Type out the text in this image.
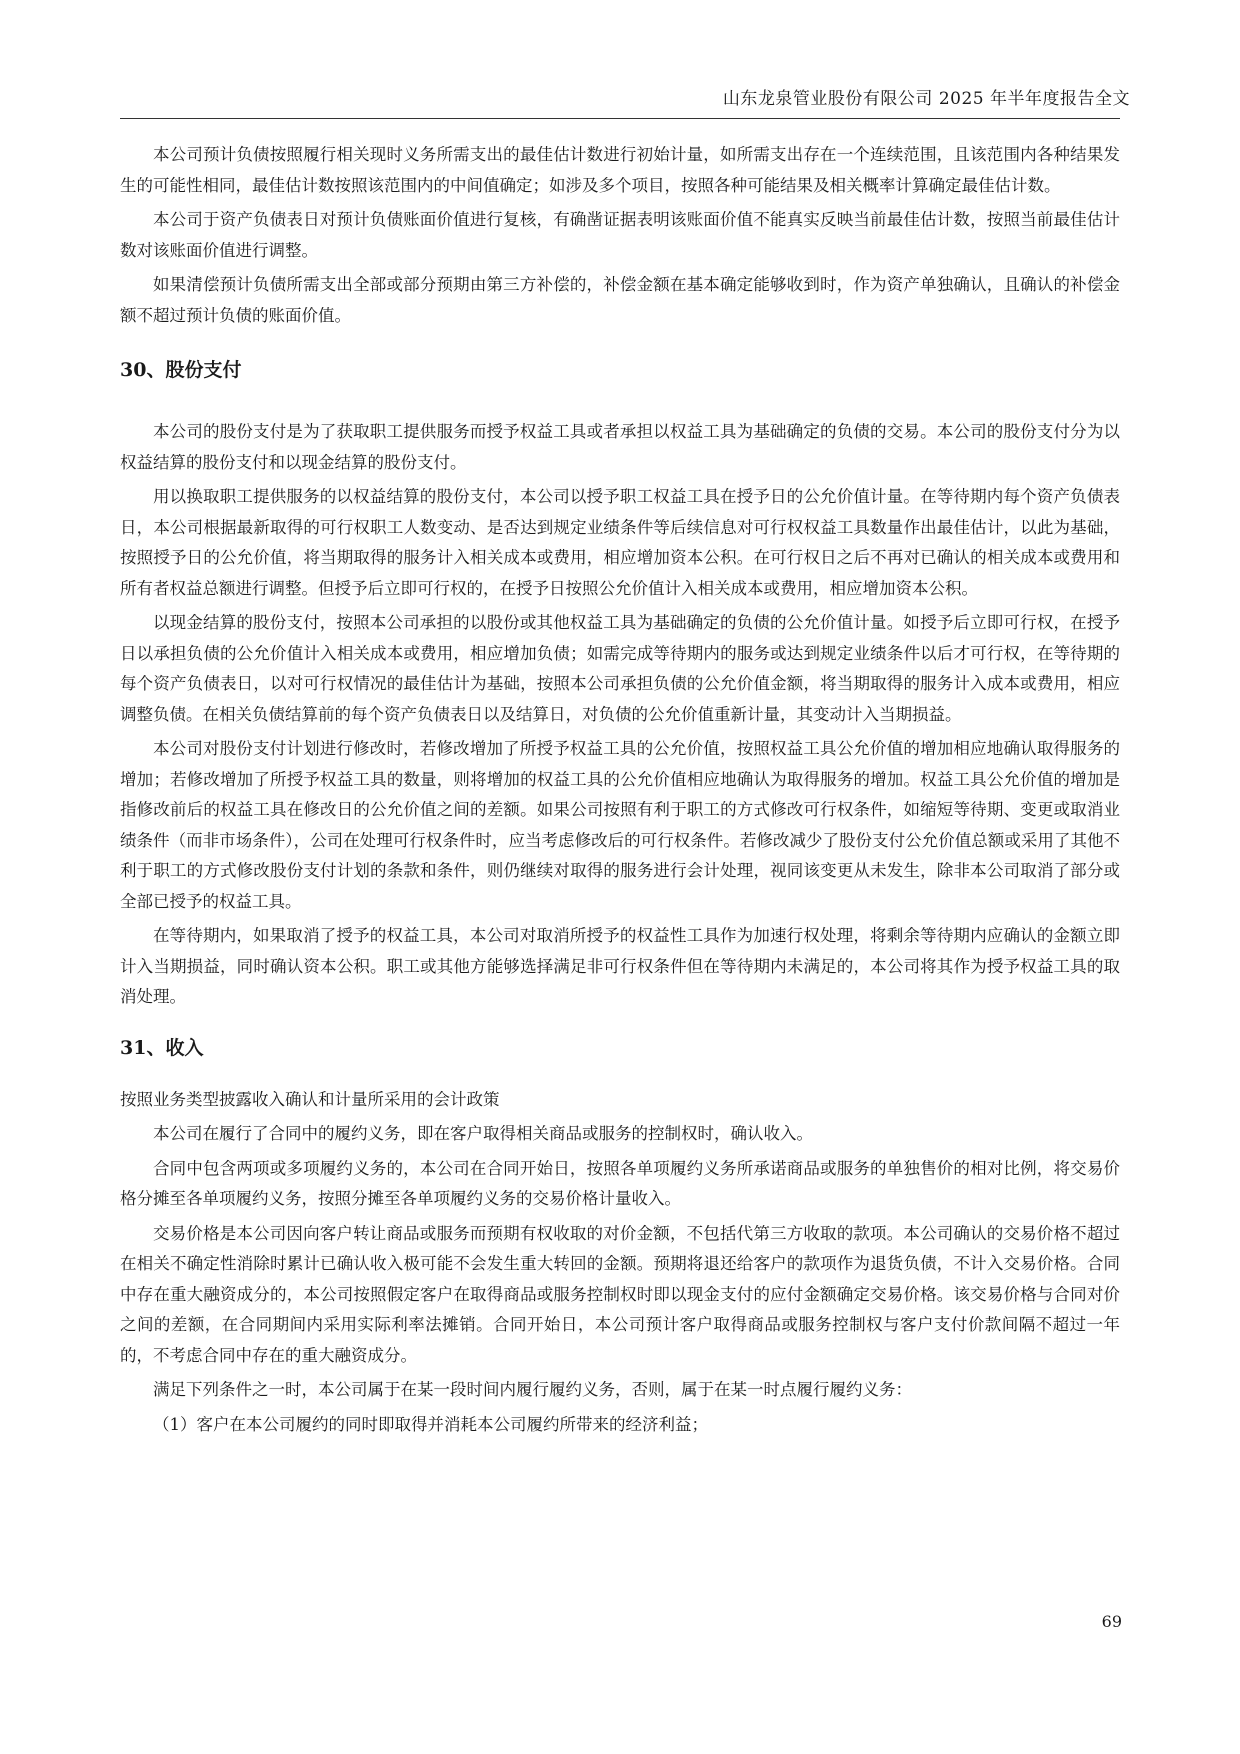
山东龙泉管业股份有限公司 2025 年半年度报告全文

本公司预计负债按照履行相关现时义务所需支出的最佳估计数进行初始计量，如所需支出存在一个连续范围，且该范围内各种结果发生的可能性相同，最佳估计数按照该范围内的中间值确定；如涉及多个项目，按照各种可能结果及相关概率计算确定最佳估计数。

本公司于资产负债表日对预计负债账面价值进行复核，有确凿证据表明该账面价值不能真实反映当前最佳估计数，按照当前最佳估计数对该账面价值进行调整。

如果清偿预计负债所需支出全部或部分预期由第三方补偿的，补偿金额在基本确定能够收到时，作为资产单独确认，且确认的补偿金额不超过预计负债的账面价值。

30、股份支付

本公司的股份支付是为了获取职工提供服务而授予权益工具或者承担以权益工具为基础确定的负债的交易。本公司的股份支付分为以权益结算的股份支付和以现金结算的股份支付。

用以换取职工提供服务的以权益结算的股份支付，本公司以授予职工权益工具在授予日的公允价值计量。在等待期内每个资产负债表日，本公司根据最新取得的可行权职工人数变动、是否达到规定业绩条件等后续信息对可行权权益工具数量作出最佳估计，以此为基础，按照授予日的公允价值，将当期取得的服务计入相关成本或费用，相应增加资本公积。在可行权日之后不再对已确认的相关成本或费用和所有者权益总额进行调整。但授予后立即可行权的，在授予日按照公允价值计入相关成本或费用，相应增加资本公积。

以现金结算的股份支付，按照本公司承担的以股份或其他权益工具为基础确定的负债的公允价值计量。如授予后立即可行权，在授予日以承担负债的公允价值计入相关成本或费用，相应增加负债；如需完成等待期内的服务或达到规定业绩条件以后才可行权，在等待期的每个资产负债表日，以对可行权情况的最佳估计为基础，按照本公司承担负债的公允价值金额，将当期取得的服务计入成本或费用，相应调整负债。在相关负债结算前的每个资产负债表日以及结算日，对负债的公允价值重新计量，其变动计入当期损益。

本公司对股份支付计划进行修改时，若修改增加了所授予权益工具的公允价值，按照权益工具公允价值的增加相应地确认取得服务的增加；若修改增加了所授予权益工具的数量，则将增加的权益工具的公允价值相应地确认为取得服务的增加。权益工具公允价值的增加是指修改前后的权益工具在修改日的公允价值之间的差额。如果公司按照有利于职工的方式修改可行权条件，如缩短等待期、变更或取消业绩条件（而非市场条件），公司在处理可行权条件时，应当考虑修改后的可行权条件。若修改减少了股份支付公允价值总额或采用了其他不利于职工的方式修改股份支付计划的条款和条件，则仍继续对取得的服务进行会计处理，视同该变更从未发生，除非本公司取消了部分或全部已授予的权益工具。

在等待期内，如果取消了授予的权益工具，本公司对取消所授予的权益性工具作为加速行权处理，将剩余等待期内应确认的金额立即计入当期损益，同时确认资本公积。职工或其他方能够选择满足非可行权条件但在等待期内未满足的，本公司将其作为授予权益工具的取消处理。

31、收入

按照业务类型披露收入确认和计量所采用的会计政策

本公司在履行了合同中的履约义务，即在客户取得相关商品或服务的控制权时，确认收入。

合同中包含两项或多项履约义务的，本公司在合同开始日，按照各单项履约义务所承诺商品或服务的单独售价的相对比例，将交易价格分摊至各单项履约义务，按照分摊至各单项履约义务的交易价格计量收入。

交易价格是本公司因向客户转让商品或服务而预期有权收取的对价金额，不包括代第三方收取的款项。本公司确认的交易价格不超过在相关不确定性消除时累计已确认收入极可能不会发生重大转回的金额。预期将退还给客户的款项作为退货负债，不计入交易价格。合同中存在重大融资成分的，本公司按照假定客户在取得商品或服务控制权时即以现金支付的应付金额确定交易价格。该交易价格与合同对价之间的差额，在合同期间内采用实际利率法摊销。合同开始日，本公司预计客户取得商品或服务控制权与客户支付价款间隔不超过一年的，不考虑合同中存在的重大融资成分。

满足下列条件之一时，本公司属于在某一段时间内履行履约义务，否则，属于在某一时点履行履约义务：

（1）客户在本公司履约的同时即取得并消耗本公司履约所带来的经济利益；

69
